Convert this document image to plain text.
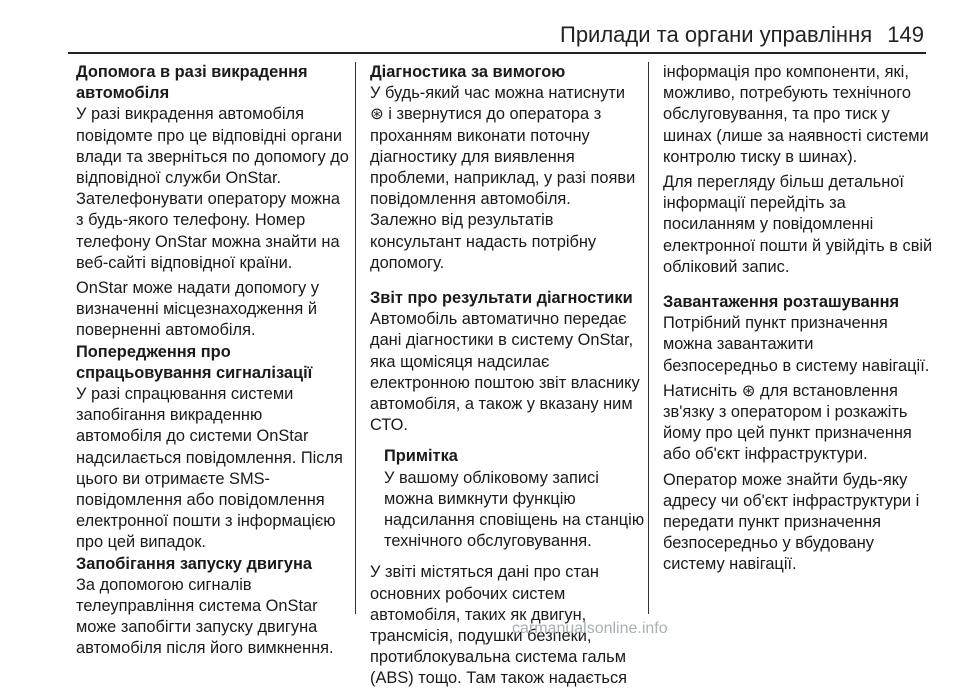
Прилади та органи управління 149
Допомога в разі викрадення
автомобіля
У разі викрадення автомобіля
повідомте про це відповідні органи
влади та зверніться по допомогу до
відповідної служби OnStar.
Зателефонувати оператору можна
з будь-якого телефону. Номер
телефону OnStar можна знайти на
веб-сайті відповідної країни.
OnStar може надати допомогу у
визначенні місцезнаходження й
поверненні автомобіля.
Попередження про
спрацьовування сигналізації
У разі спрацювання системи
запобігання викраденню
автомобіля до системи OnStar
надсилається повідомлення. Після
цього ви отримаєте SMS-
повідомлення або повідомлення
електронної пошти з інформацією
про цей випадок.
Запобігання запуску двигуна
За допомогою сигналів
телеуправління система OnStar
може запобігти запуску двигуна
автомобіля після його вимкнення.
Діагностика за вимогою
У будь-який час можна натиснути
⊛ і звернутися до оператора з
проханням виконати поточну
діагностику для виявлення
проблеми, наприклад, у разі появи
повідомлення автомобіля.
Залежно від результатів
консультант надасть потрібну
допомогу.
Звіт про результати діагностики
Автомобіль автоматично передає
дані діагностики в систему OnStar,
яка щомісяця надсилає
електронною поштою звіт власнику
автомобіля, а також у вказану ним
СТО.
Примітка
У вашому обліковому записі
можна вимкнути функцію
надсилання сповіщень на станцію
технічного обслуговування.
У звіті містяться дані про стан
основних робочих систем
автомобіля, таких як двигун,
трансмісія, подушки безпеки,
протиблокувальна система гальм
(ABS) тощо. Там також надається
інформація про компоненти, які,
можливо, потребують технічного
обслуговування, та про тиск у
шинах (лише за наявності системи
контролю тиску в шинах).
Для перегляду більш детальної
інформації перейдіть за
посиланням у повідомленні
електронної пошти й увійдіть в свій
обліковий запис.
Завантаження розташування
Потрібний пункт призначення
можна завантажити
безпосередньо в систему навігації.
Натисніть ⊛ для встановлення
зв'язку з оператором і розкажіть
йому про цей пункт призначення
або об'єкт інфраструктури.
Оператор може знайти будь-яку
адресу чи об'єкт інфраструктури і
передати пункт призначення
безпосередньо у вбудовану
систему навігації.
carmanualsonline.info
